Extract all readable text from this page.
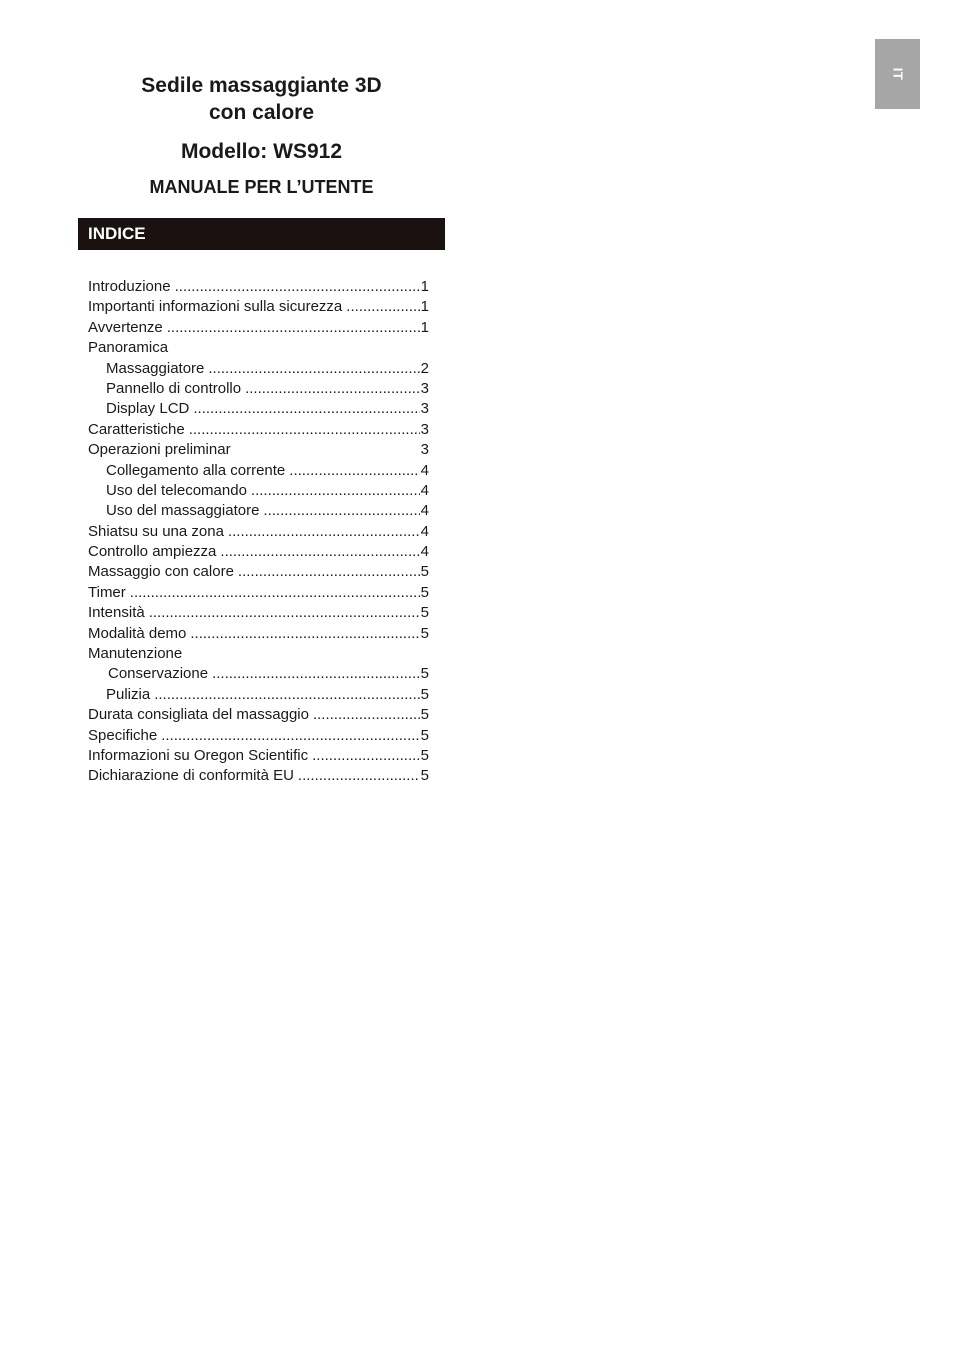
IT

Sedile massaggiante 3D

con calore

Modello: WS912
MANUALE PER L’UTENTE
INDICE
Introduzione .....	1
Importanti informazioni sulla sicurezza .....	1
Avvertenze .....	1
Panoramica
Massaggiatore .....	2
Pannello di controllo .....	3
Display LCD .....	3
Caratteristiche .....	3
Operazioni preliminar	3
Collegamento alla corrente .....	4
Uso del telecomando .....	4
Uso del massaggiatore .....	4
Shiatsu su una zona .....	4
Controllo ampiezza .....	4
Massaggio con calore .....	5
Timer .....	5
Intensità .....	5
Modalità demo .....	5
Manutenzione
Conservazione .....	5
Pulizia .....	5
Durata consigliata del massaggio .....	5
Specifiche .....	5
Informazioni su Oregon Scientific .....	5
Dichiarazione di conformità EU .....	5
